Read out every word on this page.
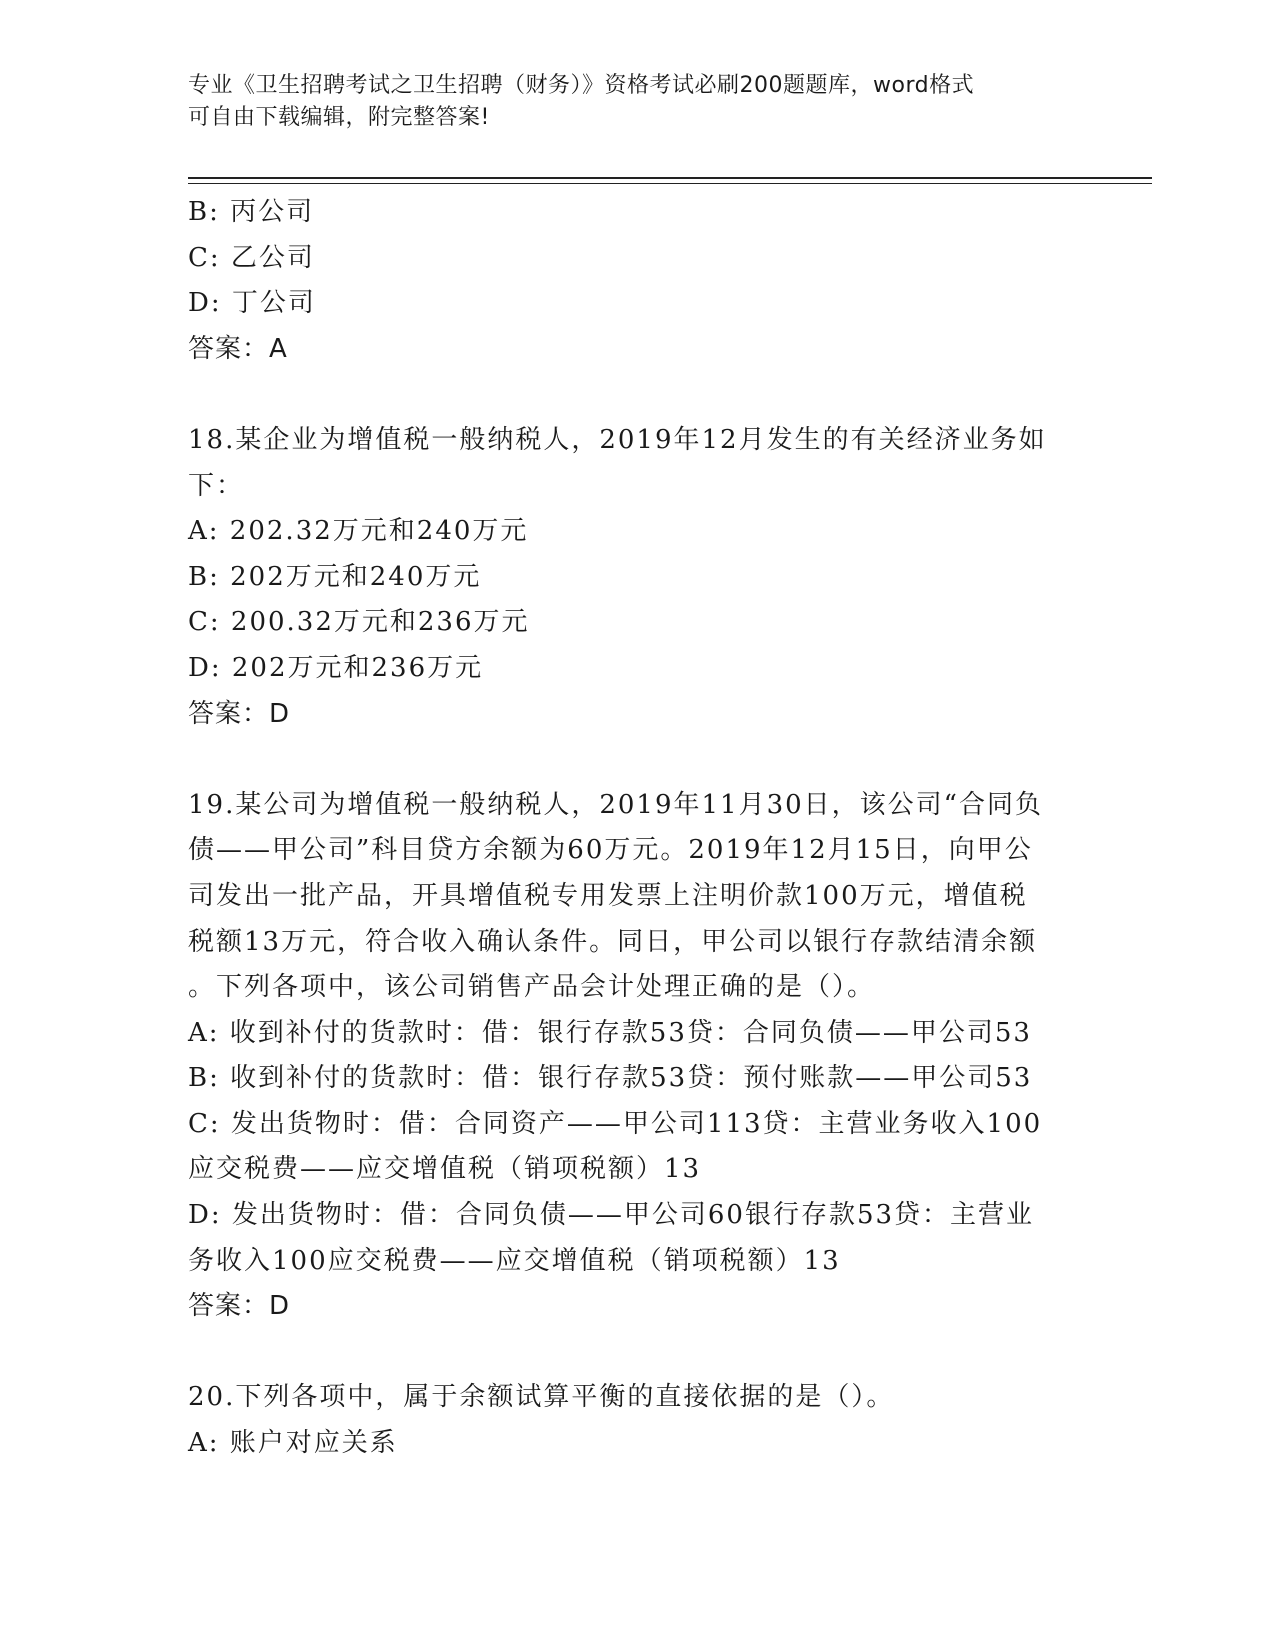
专业《卫生招聘考试之卫生招聘（财务）》资格考试必刷200题题库，word格式
可自由下载编辑，附完整答案!
B: 丙公司
C: 乙公司
D: 丁公司
答案：A
18.某企业为增值税一般纳税人，2019年12月发生的有关经济业务如
下：
A: 202.32万元和240万元
B: 202万元和240万元
C: 200.32万元和236万元
D: 202万元和236万元
答案：D
19.某公司为增值税一般纳税人，2019年11月30日，该公司“合同负
债——甲公司”科目贷方余额为60万元。2019年12月15日，向甲公
司发出一批产品，开具增值税专用发票上注明价款100万元，增值税
税额13万元，符合收入确认条件。同日，甲公司以银行存款结清余额
。下列各项中，该公司销售产品会计处理正确的是（）。
A: 收到补付的货款时：借：银行存款53贷：合同负债——甲公司53
B: 收到补付的货款时：借：银行存款53贷：预付账款——甲公司53
C: 发出货物时：借：合同资产——甲公司113贷：主营业务收入100
应交税费——应交增值税（销项税额）13
D: 发出货物时：借：合同负债——甲公司60银行存款53贷：主营业
务收入100应交税费——应交增值税（销项税额）13
答案：D
20.下列各项中，属于余额试算平衡的直接依据的是（）。
A: 账户对应关系
